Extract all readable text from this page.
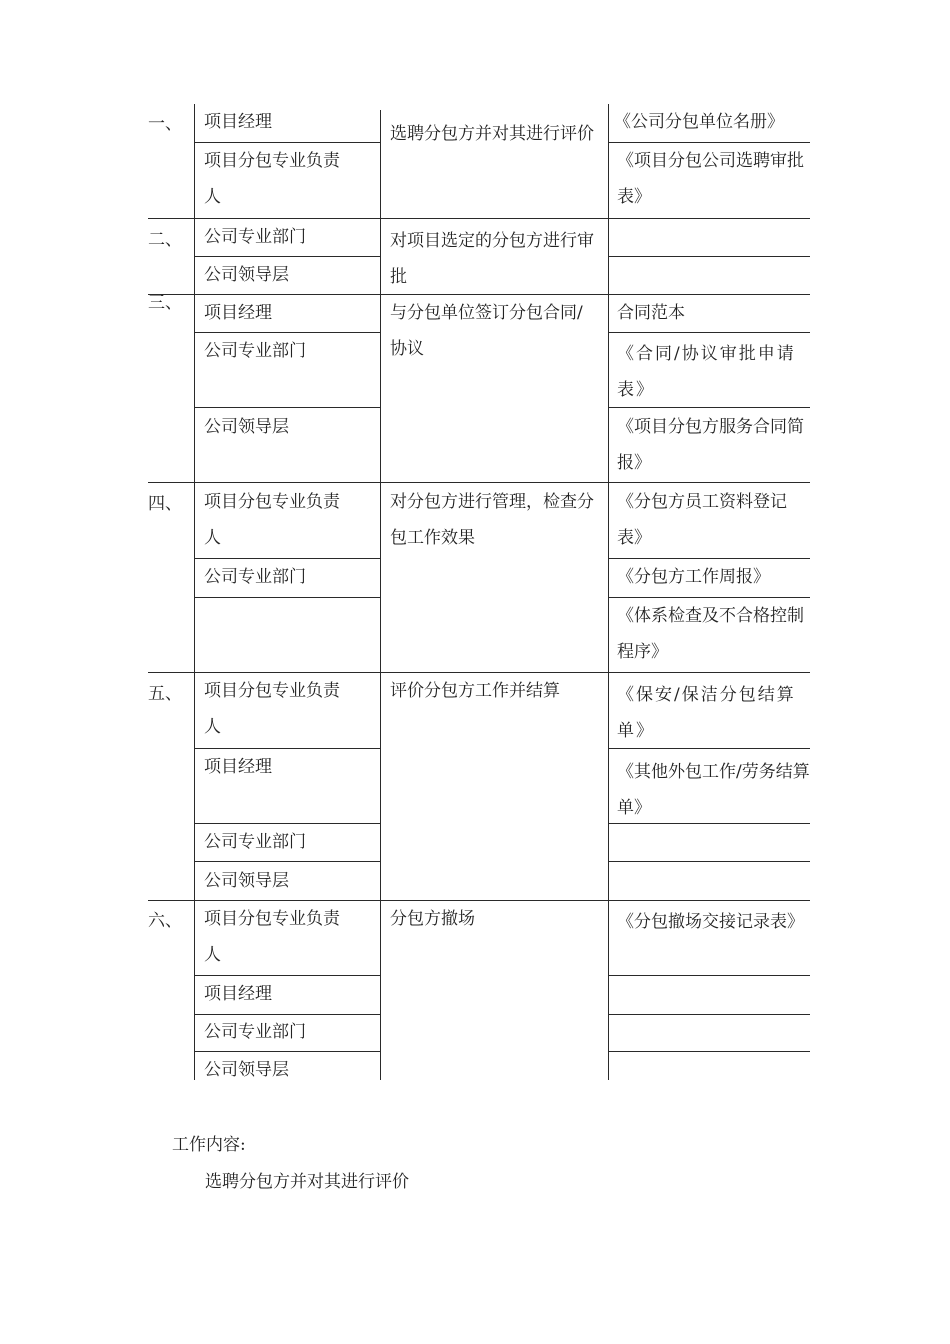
一、 项目经理
项目分包专业负责人
选聘分包方并对其进行评价
《公司分包单位名册》
《项目分包公司选聘审批表》
二、 公司专业部门
公司领导层
对项目选定的分包方进行审批
三、 项目经理
公司专业部门
公司领导层
与分包单位签订分包合同/协议
合同范本
《合同/协议审批申请表》
《项目分包方服务合同简报》
四、 项目分包专业负责人
公司专业部门
对分包方进行管理，检查分包工作效果
《分包方员工资料登记表》
《分包方工作周报》
《体系检查及不合格控制程序》
五、 项目分包专业负责人
项目经理
公司专业部门
公司领导层
评价分包方工作并结算	《保安/保洁分包结算单》
《其他外包工作/劳务结算单》
六、 项目分包专业负责人
项目经理
公司专业部门
公司领导层
分包方撤场	《分包撤场交接记录表》
工作内容:
选聘分包方并对其进行评价
